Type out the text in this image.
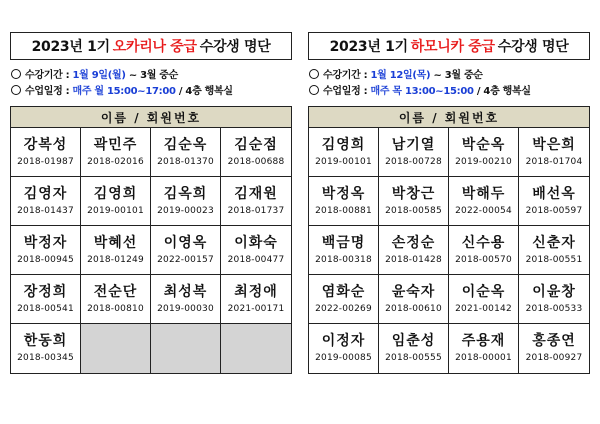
2023년 1기 오카리나 중급 수강생 명단
수강기간 : 1월 9일(월) ~ 3월 중순
수업일정 : 매주 월 15:00~17:00 / 4층 행복실
이름 / 회원번호
강복성
2018-01987
곽민주
2018-02016
김순옥
2018-01370
김순점
2018-00688
김영자
2018-01437
김영희
2019-00101
김옥희
2019-00023
김재원
2018-01737
박정자
2018-00945
박혜선
2018-01249
이영옥
2022-00157
이화숙
2018-00477
장정희
2018-00541
전순단
2018-00810
최성복
2019-00030
최정애
2021-00171
한동희
2018-00345
2023년 1기 하모니카 중급 수강생 명단
수강기간 : 1월 12일(목) ~ 3월 중순
수업일정 : 매주 목 13:00~15:00 / 4층 행복실
이름 / 회원번호
김영희
2019-00101
남기열
2018-00728
박순옥
2019-00210
박은희
2018-01704
박정옥
2018-00881
박창근
2018-00585
박해두
2022-00054
배선옥
2018-00597
백금명
2018-00318
손정순
2018-01428
신수용
2018-00570
신춘자
2018-00551
염화순
2022-00269
윤숙자
2018-00610
이순옥
2021-00142
이윤창
2018-00533
이정자
2019-00085
임춘성
2018-00555
주용재
2018-00001
홍종연
2018-00927
